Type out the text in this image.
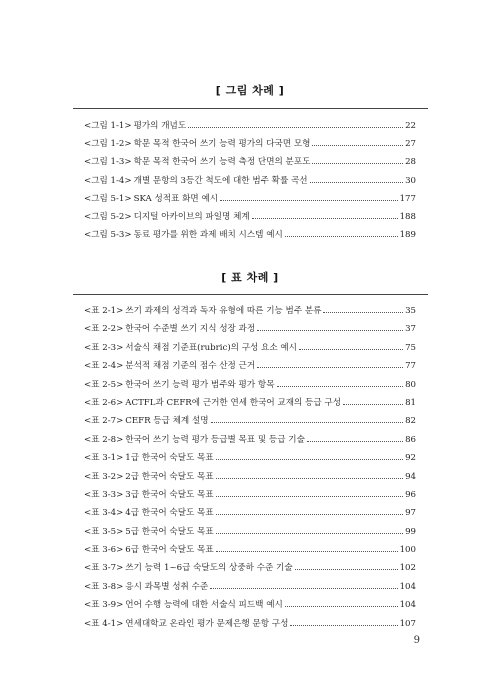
[ 그림 차례 ]
<그림 1-1> 평가의 개념도	22
<그림 1-2> 학문 목적 한국어 쓰기 능력 평가의 다국면 모형	27
<그림 1-3> 학문 목적 한국어 쓰기 능력 측정 단면의 분포도	28
<그림 1-4> 개별 문항의 3등간 척도에 대한 범주 확률 곡선	30
<그림 5-1> SKA 성적표 화면 예시	177
<그림 5-2> 디지털 아카이브의 파일명 체계	188
<그림 5-3> 동료 평가를 위한 과제 배치 시스템 예시	189
[ 표 차례 ]
<표 2-1> 쓰기 과제의 성격과 독자 유형에 따른 기능 범주 분류	35
<표 2-2> 한국어 수준별 쓰기 지식 성장 과정	37
<표 2-3> 서술식 채점 기준표(rubric)의 구성 요소 예시	75
<표 2-4> 분석적 채점 기준의 점수 산정 근거	77
<표 2-5> 한국어 쓰기 능력 평가 범주와 평가 항목	80
<표 2-6> ACTFL과 CEFR에 근거한 연세 한국어 교재의 등급 구성	81
<표 2-7> CEFR 등급 체계 설명	82
<표 2-8> 한국어 쓰기 능력 평가 등급별 목표 및 등급 기술	86
<표 3-1> 1급 한국어 숙달도 목표	92
<표 3-2> 2급 한국어 숙달도 목표	94
<표 3-3> 3급 한국어 숙달도 목표	96
<표 3-4> 4급 한국어 숙달도 목표	97
<표 3-5> 5급 한국어 숙달도 목표	99
<표 3-6> 6급 한국어 숙달도 목표	100
<표 3-7> 쓰기 능력 1~6급 숙달도의 상중하 수준 기술	102
<표 3-8> 응시 과목별 성취 수준	104
<표 3-9> 언어 수행 능력에 대한 서술식 피드백 예시	104
<표 4-1> 연세대학교 온라인 평가 문제은행 문항 구성	107
9
